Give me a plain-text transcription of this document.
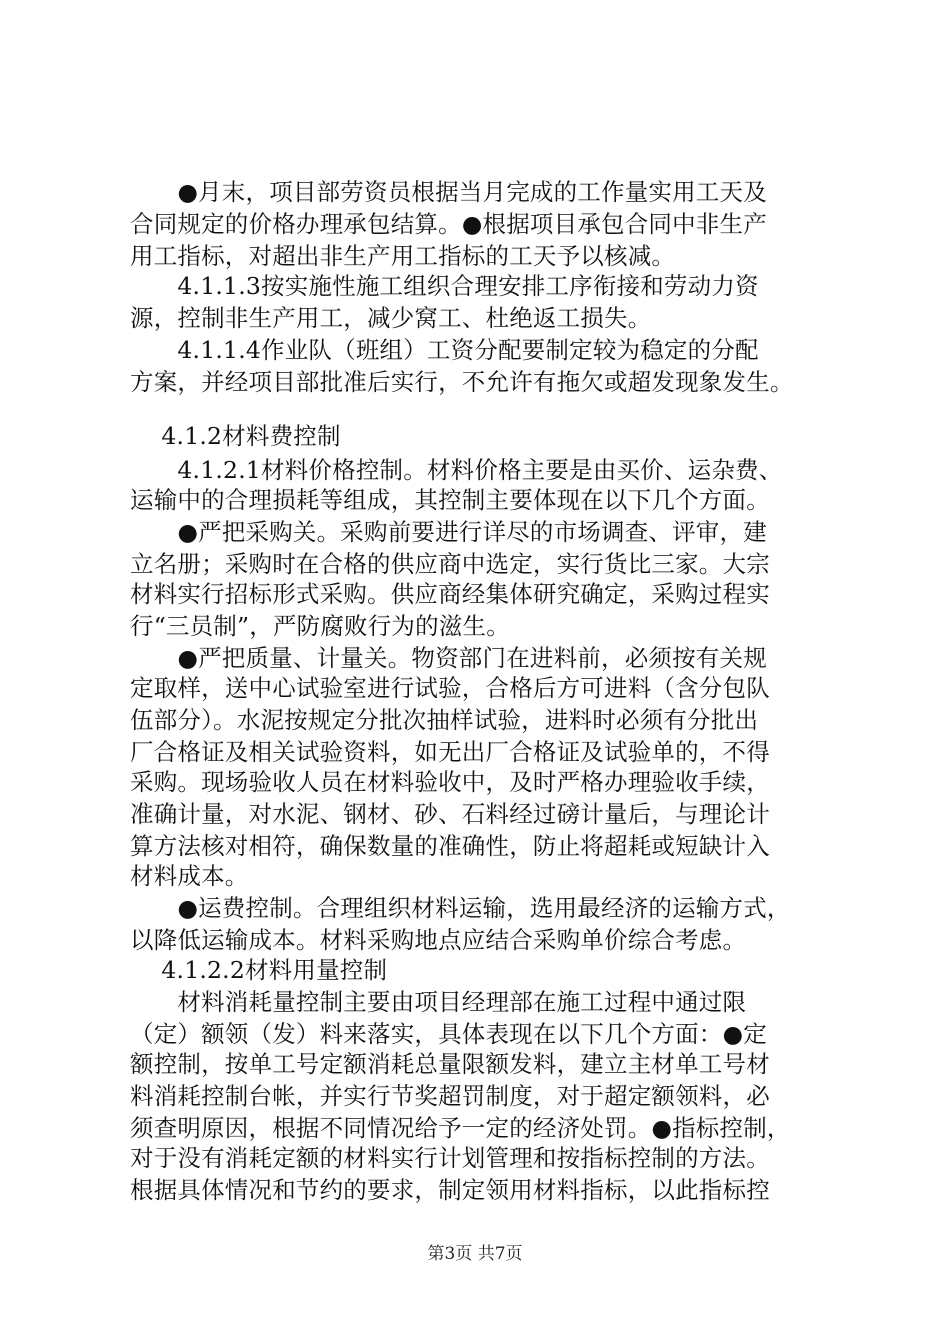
　　●月末，项目部劳资员根据当月完成的工作量实用工天及
合同规定的价格办理承包结算。●根据项目承包合同中非生产
用工指标，对超出非生产用工指标的工天予以核减。
　　4.1.1.3按实施性施工组织合理安排工序衔接和劳动力资
源，控制非生产用工，减少窝工、杜绝返工损失。
　　4.1.1.4作业队（班组）工资分配要制定较为稳定的分配
方案，并经项目部批准后实行，不允许有拖欠或超发现象发生。
　 4.1.2材料费控制
　　4.1.2.1材料价格控制。材料价格主要是由买价、运杂费、
运输中的合理损耗等组成，其控制主要体现在以下几个方面。
　　●严把采购关。采购前要进行详尽的市场调查、评审，建
立名册；采购时在合格的供应商中选定，实行货比三家。大宗
材料实行招标形式采购。供应商经集体研究确定，采购过程实
行“三员制”，严防腐败行为的滋生。
　　●严把质量、计量关。物资部门在进料前，必须按有关规
定取样，送中心试验室进行试验，合格后方可进料（含分包队
伍部分）。水泥按规定分批次抽样试验，进料时必须有分批出
厂合格证及相关试验资料，如无出厂合格证及试验单的，不得
采购。现场验收人员在材料验收中，及时严格办理验收手续，
准确计量，对水泥、钢材、砂、石料经过磅计量后，与理论计
算方法核对相符，确保数量的准确性，防止将超耗或短缺计入
材料成本。
　　●运费控制。合理组织材料运输，选用最经济的运输方式，
以降低运输成本。材料采购地点应结合采购单价综合考虑。
　 4.1.2.2材料用量控制
　　材料消耗量控制主要由项目经理部在施工过程中通过限
（定）额领（发）料来落实，具体表现在以下几个方面：●定
额控制，按单工号定额消耗总量限额发料，建立主材单工号材
料消耗控制台帐，并实行节奖超罚制度，对于超定额领料，必
须查明原因，根据不同情况给予一定的经济处罚。●指标控制，
对于没有消耗定额的材料实行计划管理和按指标控制的方法。
根据具体情况和节约的要求，制定领用材料指标，以此指标控
第3页 共7页
